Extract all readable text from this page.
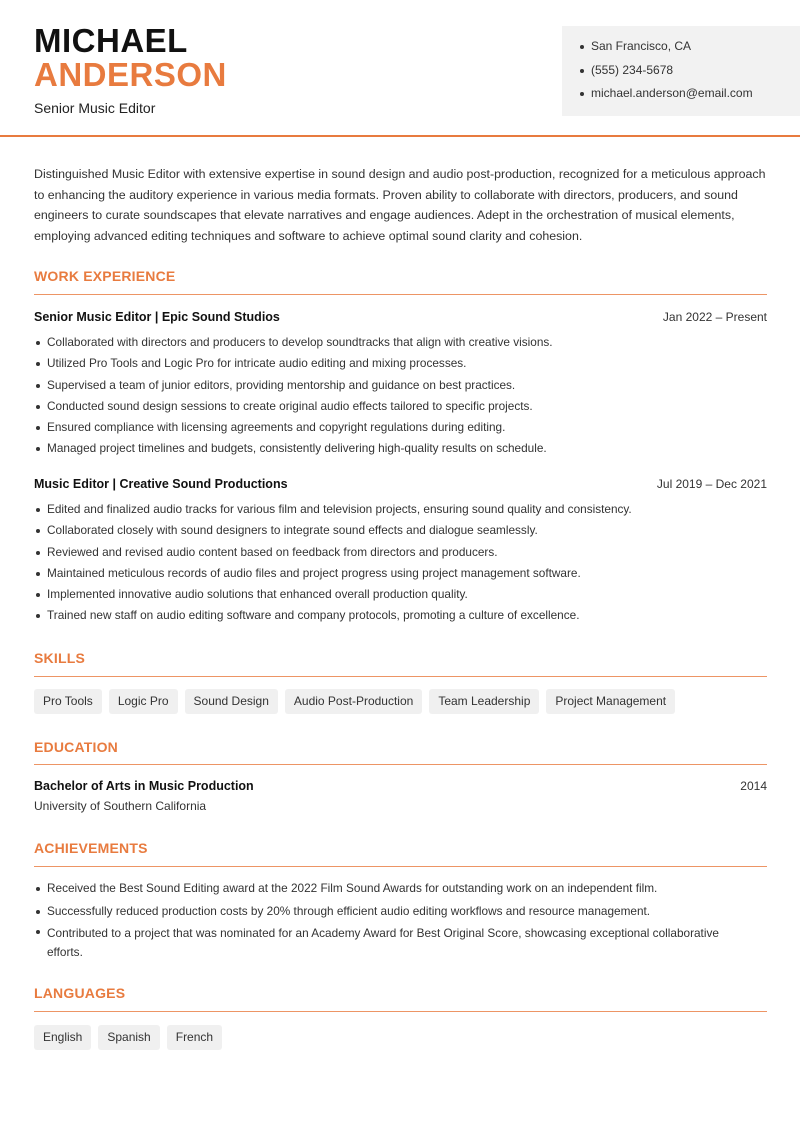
MICHAEL
ANDERSON
Senior Music Editor
San Francisco, CA
(555) 234-5678
michael.anderson@email.com

Distinguished Music Editor with extensive expertise in sound design and audio post-production, recognized for a meticulous approach to enhancing the auditory experience in various media formats. Proven ability to collaborate with directors, producers, and sound engineers to curate soundscapes that elevate narratives and engage audiences. Adept in the orchestration of musical elements, employing advanced editing techniques and software to achieve optimal sound clarity and cohesion.

WORK EXPERIENCE
Senior Music Editor | Epic Sound Studios	Jan 2022 – Present
Collaborated with directors and producers to develop soundtracks that align with creative visions.
Utilized Pro Tools and Logic Pro for intricate audio editing and mixing processes.
Supervised a team of junior editors, providing mentorship and guidance on best practices.
Conducted sound design sessions to create original audio effects tailored to specific projects.
Ensured compliance with licensing agreements and copyright regulations during editing.
Managed project timelines and budgets, consistently delivering high-quality results on schedule.
Music Editor | Creative Sound Productions	Jul 2019 – Dec 2021
Edited and finalized audio tracks for various film and television projects, ensuring sound quality and consistency.
Collaborated closely with sound designers to integrate sound effects and dialogue seamlessly.
Reviewed and revised audio content based on feedback from directors and producers.
Maintained meticulous records of audio files and project progress using project management software.
Implemented innovative audio solutions that enhanced overall production quality.
Trained new staff on audio editing software and company protocols, promoting a culture of excellence.
SKILLS
Pro Tools	Logic Pro	Sound Design	Audio Post-Production	Team Leadership	Project Management
EDUCATION
Bachelor of Arts in Music Production	2014
University of Southern California
ACHIEVEMENTS
Received the Best Sound Editing award at the 2022 Film Sound Awards for outstanding work on an independent film.
Successfully reduced production costs by 20% through efficient audio editing workflows and resource management.
Contributed to a project that was nominated for an Academy Award for Best Original Score, showcasing exceptional collaborative efforts.
LANGUAGES
English	Spanish	French
